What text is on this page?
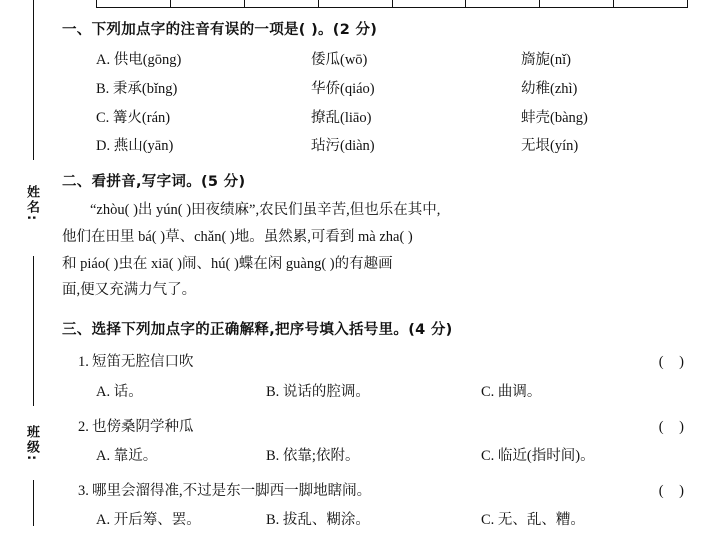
姓名:
班级:
一、下列加点字的注音有误的一项是( )。(2 分)
A. 供电(gōng)	倭瓜(wō)	旖旎(nǐ)
B. 秉承(bǐng)	华侨(qiáo)	幼稚(zhì)
C. 篝火(rán)	撩乱(liāo)	蚌壳(bàng)
D. 燕山(yān)	玷污(diàn)	无垠(yín)
二、看拼音,写字词。(5 分)
“zhòu( )出 yún( )田夜绩麻”,农民们虽辛苦,但也乐在其中,
他们在田里 bá( )草、chǎn( )地。虽然累,可看到 mà zha( )
和 piáo( )虫在 xiā( )闹、hú( )蝶在闲 guàng( )的有趣画
面,便又充满力气了。
三、选择下列加点字的正确解释,把序号填入括号里。(4 分)
1. 短笛无腔信口吹	( )
A. 话。	B. 说话的腔调。	C. 曲调。
2. 也傍桑阴学种瓜	( )
A. 靠近。	B. 依靠;依附。	C. 临近(指时间)。
3. 哪里会溜得准,不过是东一脚西一脚地瞎闹。	( )
A. 开后筹、罢。	B. 拔乱、糊涂。	C. 无、乱、糟。
